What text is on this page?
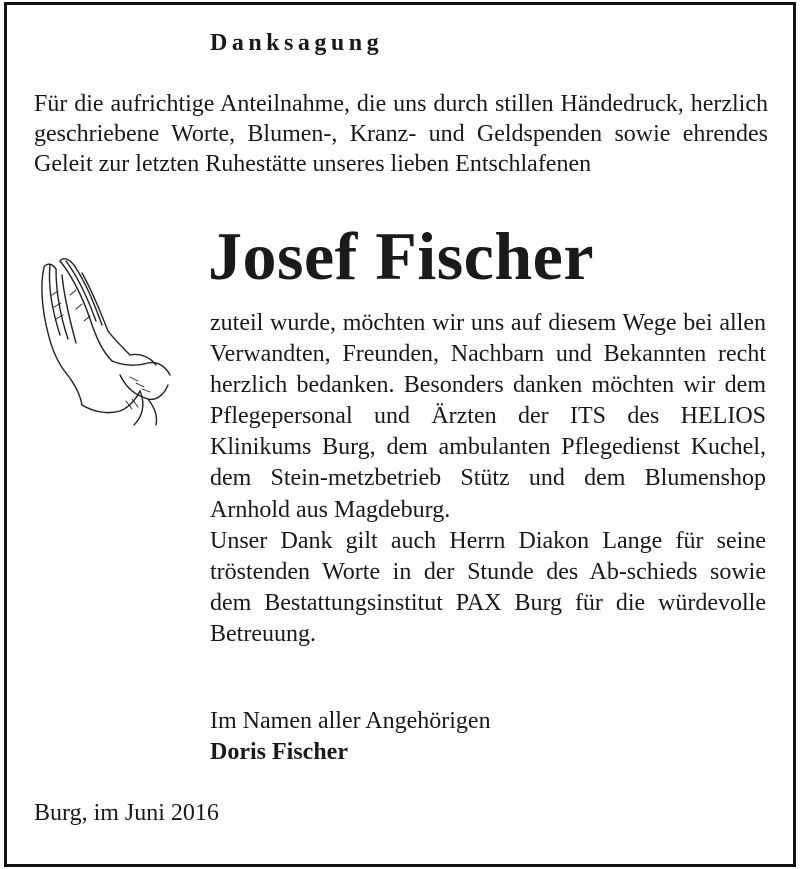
Danksagung

Für die aufrichtige Anteilnahme, die uns durch stillen Händedruck, herzlich geschriebene Worte, Blumen-, Kranz- und Geldspenden sowie ehrendes Geleit zur letzten Ruhestätte unseres lieben Entschlafenen

Josef Fischer

zuteil wurde, möchten wir uns auf diesem Wege bei allen Verwandten, Freunden, Nachbarn und Bekannten recht herzlich bedanken. Besonders danken möchten wir dem Pflegepersonal und Ärzten der ITS des HELIOS Klinikums Burg, dem ambulanten Pflegedienst Kuchel, dem Stein-metzbetrieb Stütz und dem Blumenshop Arnhold aus Magdeburg.

Unser Dank gilt auch Herrn Diakon Lange für seine tröstenden Worte in der Stunde des Ab-schieds sowie dem Bestattungsinstitut PAX Burg für die würdevolle Betreuung.

Im Namen aller Angehörigen
Doris Fischer

Burg, im Juni 2016
